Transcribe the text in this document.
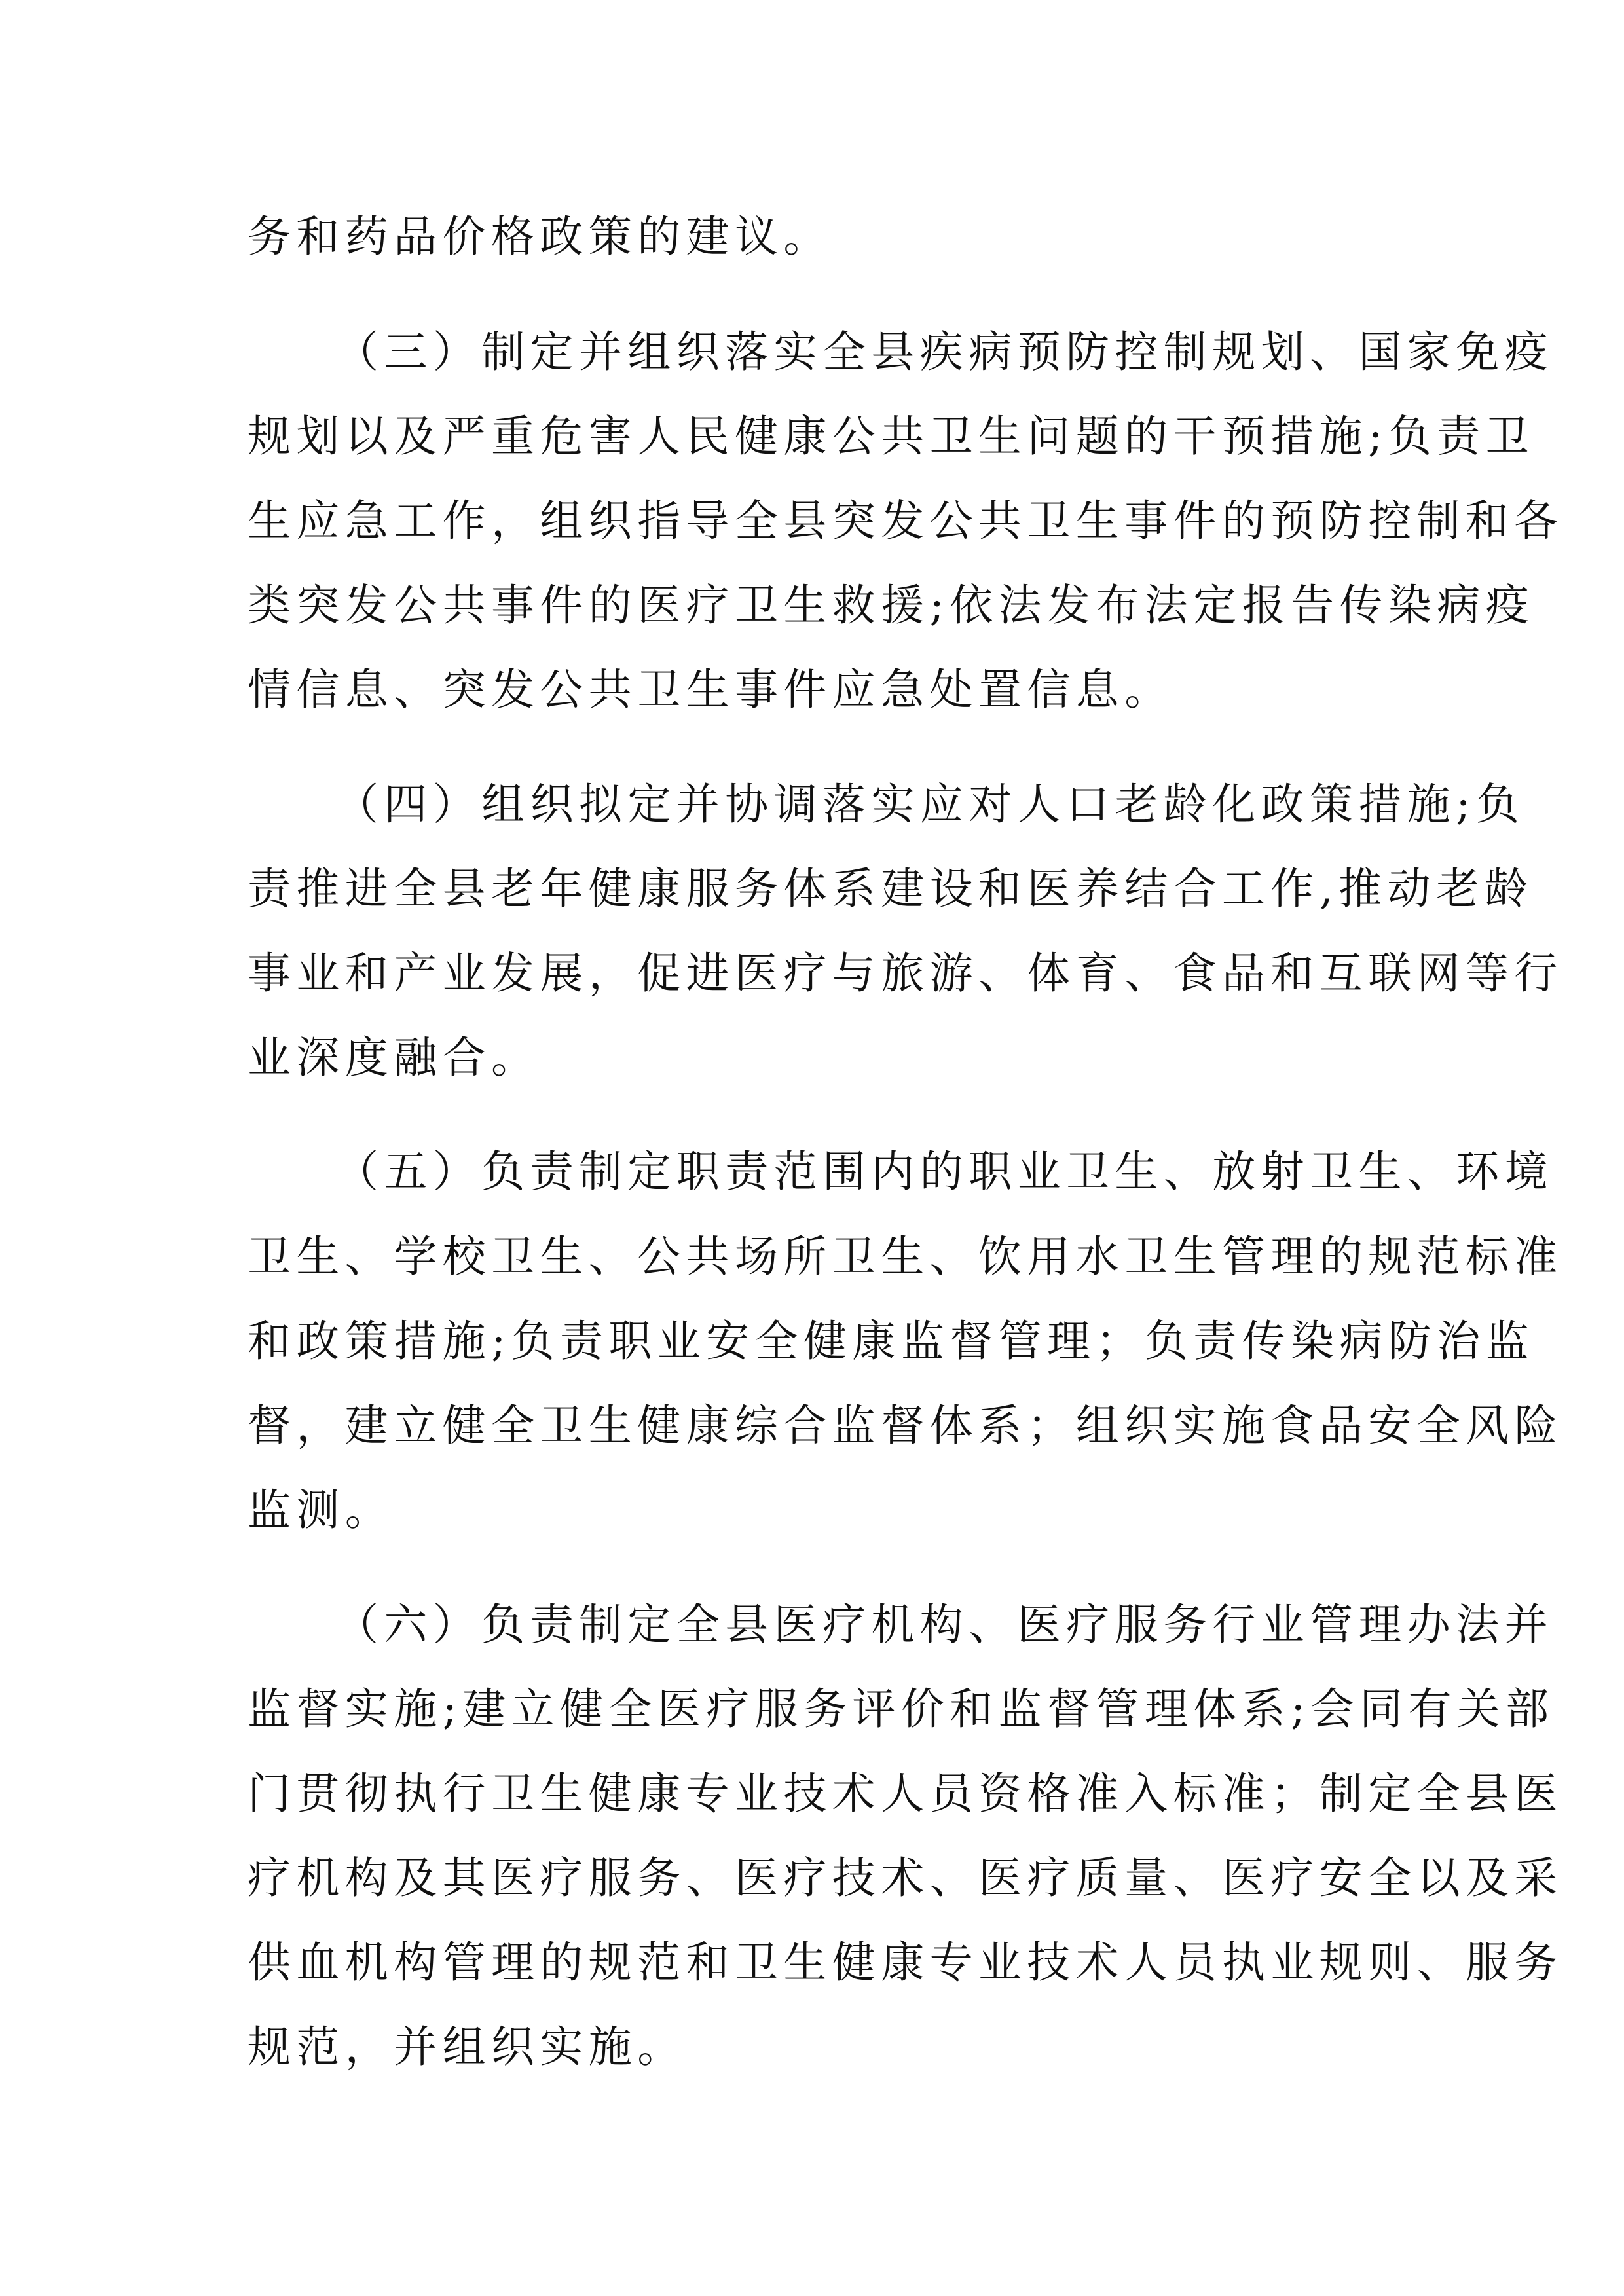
务和药品价格政策的建议。
（三）制定并组织落实全县疾病预防控制规划、国家免疫
规划以及严重危害人民健康公共卫生问题的干预措施;负责卫
生应急工作，组织指导全县突发公共卫生事件的预防控制和各
类突发公共事件的医疗卫生救援;依法发布法定报告传染病疫
情信息、突发公共卫生事件应急处置信息。
（四）组织拟定并协调落实应对人口老龄化政策措施;负
责推进全县老年健康服务体系建设和医养结合工作,推动老龄
事业和产业发展，促进医疗与旅游、体育、食品和互联网等行
业深度融合。
（五）负责制定职责范围内的职业卫生、放射卫生、环境
卫生、学校卫生、公共场所卫生、饮用水卫生管理的规范标准
和政策措施;负责职业安全健康监督管理；负责传染病防治监
督，建立健全卫生健康综合监督体系；组织实施食品安全风险
监测。
（六）负责制定全县医疗机构、医疗服务行业管理办法并
监督实施;建立健全医疗服务评价和监督管理体系;会同有关部
门贯彻执行卫生健康专业技术人员资格准入标准；制定全县医
疗机构及其医疗服务、医疗技术、医疗质量、医疗安全以及采
供血机构管理的规范和卫生健康专业技术人员执业规则、服务
规范，并组织实施。
